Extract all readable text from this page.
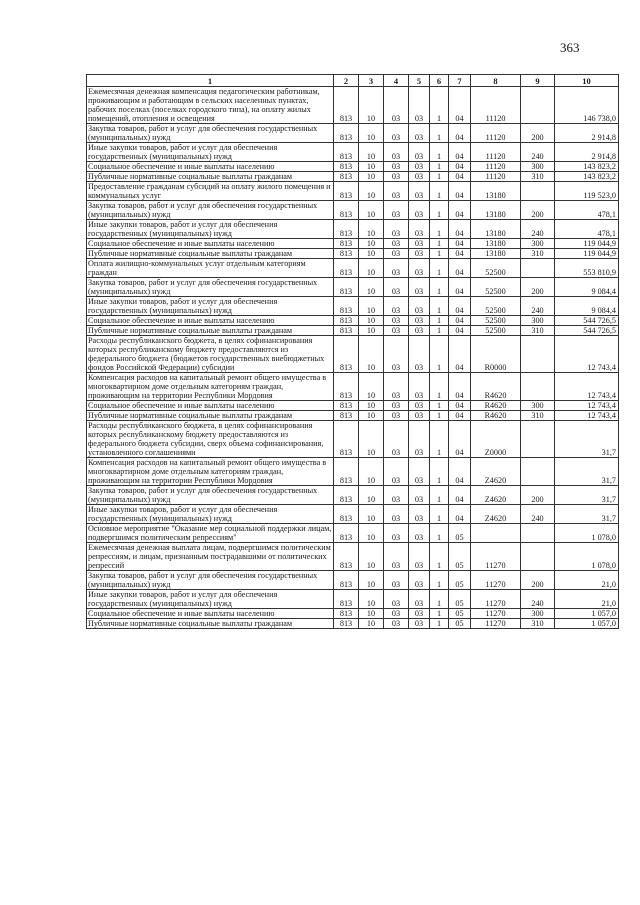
363
1	2	3	4	5	6	7	8	9	10
Ежемесячная денежная компенсация педагогическим работникам, проживающим и работающим в сельских населенных пунктах, рабочих поселках (поселках городского типа), на оплату жилых помещений, отопления и освещения	813	10	03	03	1	04	11120		146 738,0
Закупка товаров, работ и услуг для обеспечения государственных (муниципальных) нужд	813	10	03	03	1	04	11120	200	2 914,8
Иные закупки товаров, работ и услуг для обеспечения государственных (муниципальных) нужд	813	10	03	03	1	04	11120	240	2 914,8
Социальное обеспечение и иные выплаты населению	813	10	03	03	1	04	11120	300	143 823,2
Публичные нормативные социальные выплаты гражданам	813	10	03	03	1	04	11120	310	143 823,2
Предоставление гражданам субсидий на оплату жилого помещения и коммунальных услуг	813	10	03	03	1	04	13180		119 523,0
Закупка товаров, работ и услуг для обеспечения государственных (муниципальных) нужд	813	10	03	03	1	04	13180	200	478,1
Иные закупки товаров, работ и услуг для обеспечения государственных (муниципальных) нужд	813	10	03	03	1	04	13180	240	478,1
Социальное обеспечение и иные выплаты населению	813	10	03	03	1	04	13180	300	119 044,9
Публичные нормативные социальные выплаты гражданам	813	10	03	03	1	04	13180	310	119 044,9
Оплата жилищно-коммунальных услуг отдельным категориям граждан	813	10	03	03	1	04	52500		553 810,9
Закупка товаров, работ и услуг для обеспечения государственных (муниципальных) нужд	813	10	03	03	1	04	52500	200	9 084,4
Иные закупки товаров, работ и услуг для обеспечения государственных (муниципальных) нужд	813	10	03	03	1	04	52500	240	9 084,4
Социальное обеспечение и иные выплаты населению	813	10	03	03	1	04	52500	300	544 726,5
Публичные нормативные социальные выплаты гражданам	813	10	03	03	1	04	52500	310	544 726,5
Расходы республиканского бюджета, в целях софинансирования которых республиканскому бюджету предоставляются из федерального бюджета (бюджетов государственных внебюджетных фондов Российской Федерации) субсидии	813	10	03	03	1	04	R0000		12 743,4
Компенсация расходов на капитальный ремонт общего имущества в многоквартирном доме отдельным категориям граждан, проживающим на территории Республики Мордовия	813	10	03	03	1	04	R4620		12 743,4
Социальное обеспечение и иные выплаты населению	813	10	03	03	1	04	R4620	300	12 743,4
Публичные нормативные социальные выплаты гражданам	813	10	03	03	1	04	R4620	310	12 743,4
Расходы республиканского бюджета, в целях софинансирования которых республиканскому бюджету предоставляются из федерального бюджета субсидии, сверх объема софинансирования, установленного соглашениями	813	10	03	03	1	04	Z0000		31,7
Компенсация расходов на капитальный ремонт общего имущества в многоквартирном доме отдельным категориям граждан, проживающим на территории Республики Мордовия	813	10	03	03	1	04	Z4620		31,7
Закупка товаров, работ и услуг для обеспечения государственных (муниципальных) нужд	813	10	03	03	1	04	Z4620	200	31,7
Иные закупки товаров, работ и услуг для обеспечения государственных (муниципальных) нужд	813	10	03	03	1	04	Z4620	240	31,7
Основное мероприятие "Оказание мер социальной поддержки лицам, подвергшимся политическим репрессиям"	813	10	03	03	1	05			1 078,0
Ежемесячная денежная выплата лицам, подвергшимся политическим репрессиям, и лицам, признанным пострадавшими от политических репрессий	813	10	03	03	1	05	11270		1 078,0
Закупка товаров, работ и услуг для обеспечения государственных (муниципальных) нужд	813	10	03	03	1	05	11270	200	21,0
Иные закупки товаров, работ и услуг для обеспечения государственных (муниципальных) нужд	813	10	03	03	1	05	11270	240	21,0
Социальное обеспечение и иные выплаты населению	813	10	03	03	1	05	11270	300	1 057,0
Публичные нормативные социальные выплаты гражданам	813	10	03	03	1	05	11270	310	1 057,0
